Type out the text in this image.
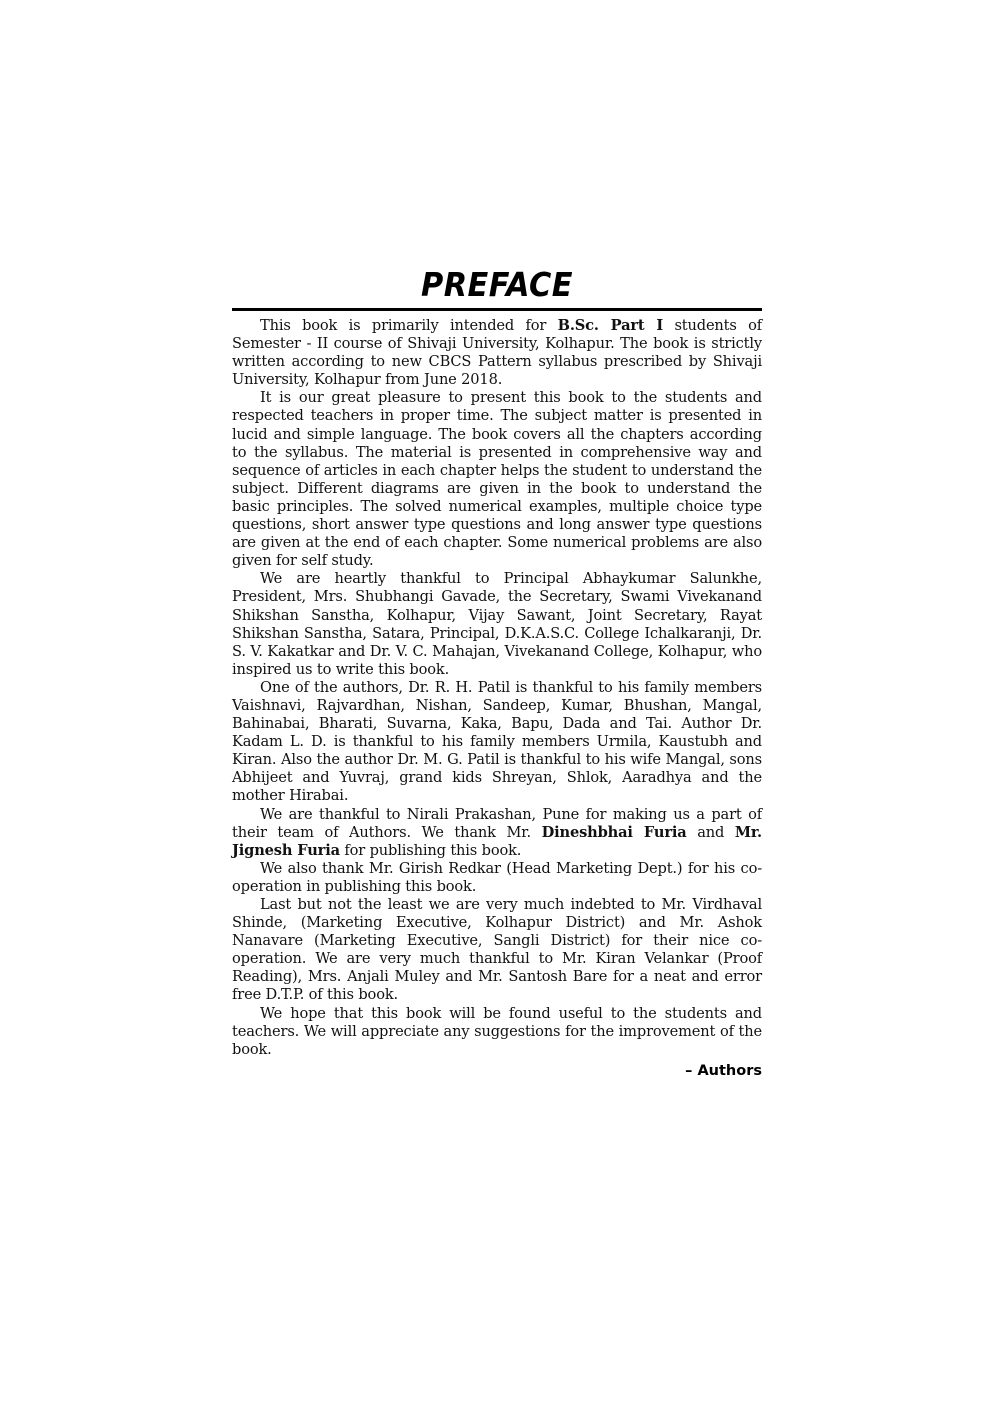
PREFACE

This book is primarily intended for B.Sc. Part I students of Semester - II course of Shivaji University, Kolhapur. The book is strictly written according to new CBCS Pattern syllabus prescribed by Shivaji University, Kolhapur from June 2018.

It is our great pleasure to present this book to the students and respected teachers in proper time. The subject matter is presented in lucid and simple language. The book covers all the chapters according to the syllabus. The material is presented in comprehensive way and sequence of articles in each chapter helps the student to understand the subject. Different diagrams are given in the book to understand the basic principles. The solved numerical examples, multiple choice type questions, short answer type questions and long answer type questions are given at the end of each chapter. Some numerical problems are also given for self study.

We are heartly thankful to Principal Abhaykumar Salunkhe, President, Mrs. Shubhangi Gavade, the Secretary, Swami Vivekanand Shikshan Sanstha, Kolhapur, Vijay Sawant, Joint Secretary, Rayat Shikshan Sanstha, Satara, Principal, D.K.A.S.C. College Ichalkaranji, Dr. S. V. Kakatkar and Dr. V. C. Mahajan, Vivekanand College, Kolhapur, who inspired us to write this book.

One of the authors, Dr. R. H. Patil is thankful to his family members Vaishnavi, Rajvardhan, Nishan, Sandeep, Kumar, Bhushan, Mangal, Bahinabai, Bharati, Suvarna, Kaka, Bapu, Dada and Tai. Author Dr. Kadam L. D. is thankful to his family members Urmila, Kaustubh and Kiran. Also the author Dr. M. G. Patil is thankful to his wife Mangal, sons Abhijeet and Yuvraj, grand kids Shreyan, Shlok, Aaradhya and the mother Hirabai.

We are thankful to Nirali Prakashan, Pune for making us a part of their team of Authors. We thank Mr. Dineshbhai Furia and Mr. Jignesh Furia for publishing this book.

We also thank Mr. Girish Redkar (Head Marketing Dept.) for his co-operation in publishing this book.

Last but not the least we are very much indebted to Mr. Virdhaval Shinde, (Marketing Executive, Kolhapur District) and Mr. Ashok Nanavare (Marketing Executive, Sangli District) for their nice co-operation. We are very much thankful to Mr. Kiran Velankar (Proof Reading), Mrs. Anjali Muley and Mr. Santosh Bare for a neat and error free D.T.P. of this book.

We hope that this book will be found useful to the students and teachers. We will appreciate any suggestions for the improvement of the book.

– Authors
